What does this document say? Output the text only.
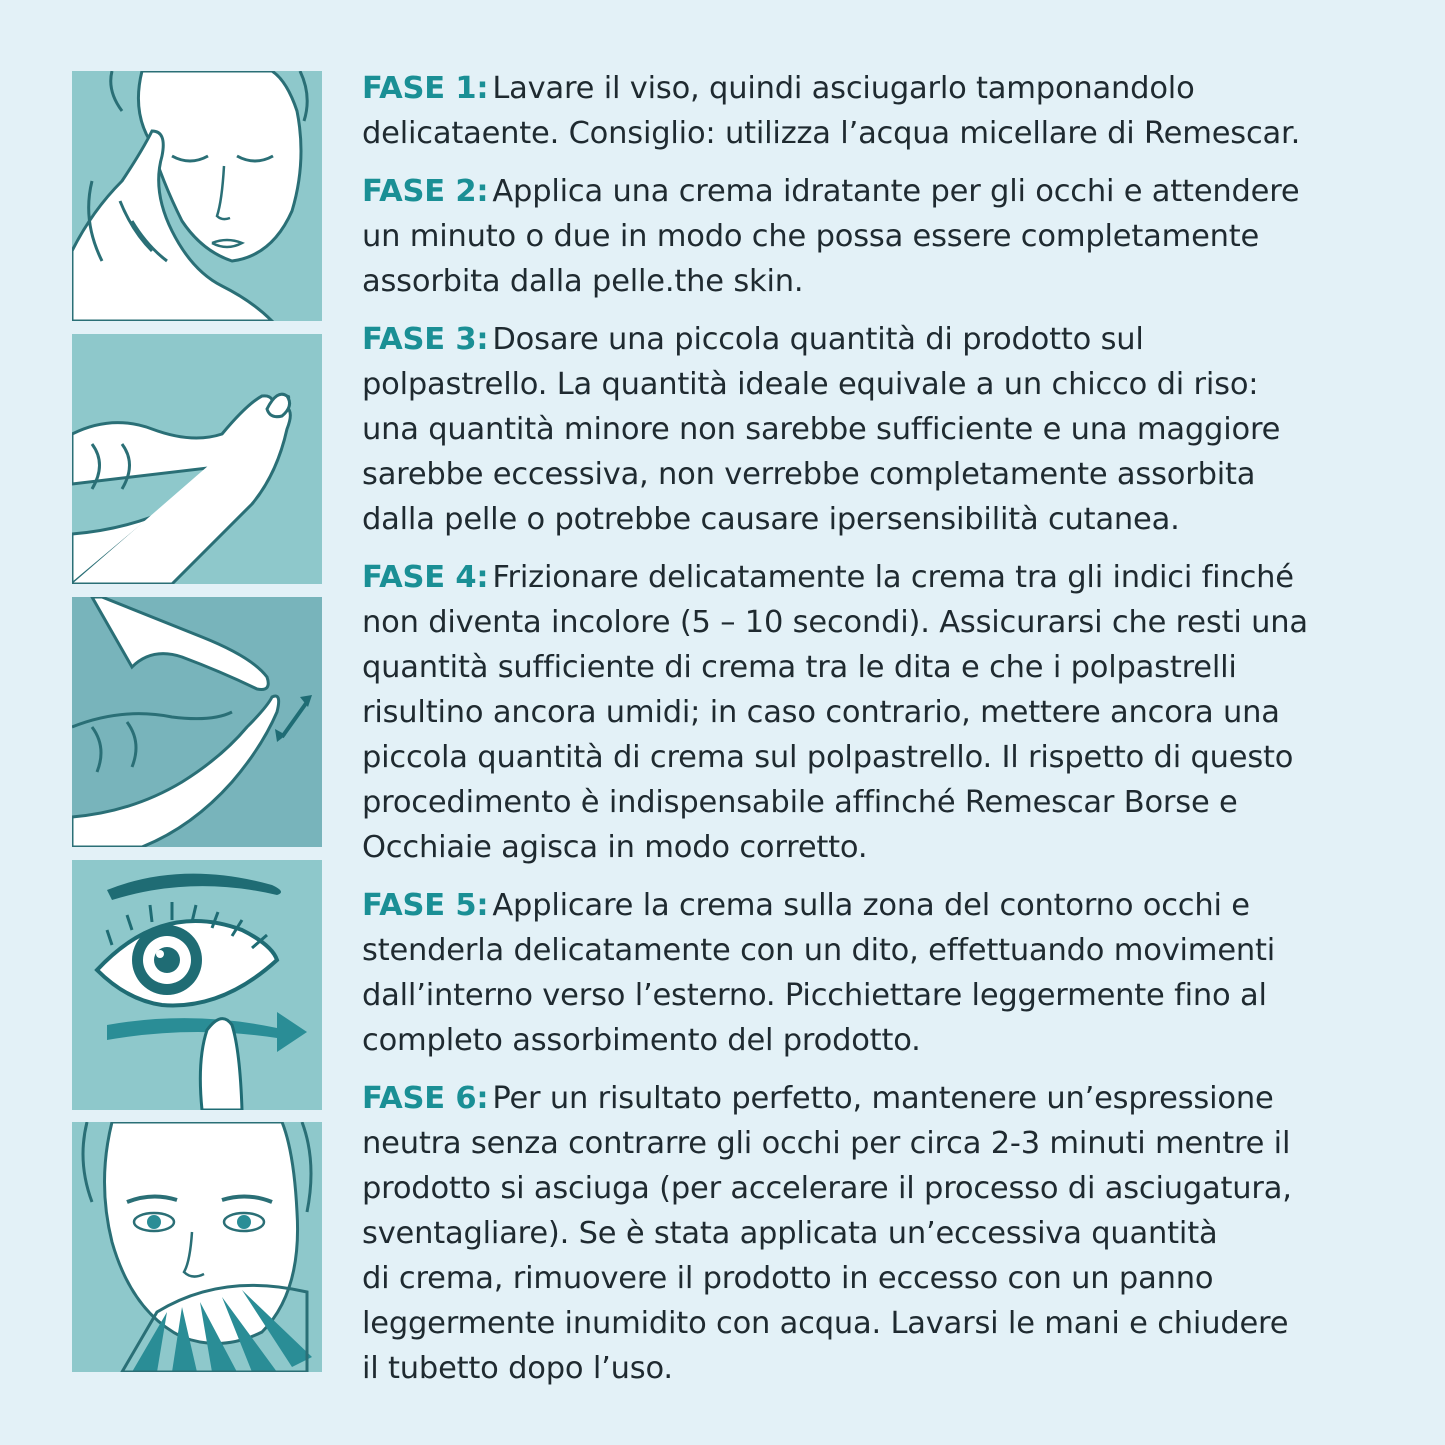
FASE 1: Lavare il viso, quindi asciugarlo tamponandolo
delicataente. Consiglio: utilizza l’acqua micellare di Remescar.
FASE 2: Applica una crema idratante per gli occhi e attendere
un minuto o due in modo che possa essere completamente
assorbita dalla pelle.the skin.
FASE 3: Dosare una piccola quantità di prodotto sul
polpastrello. La quantità ideale equivale a un chicco di riso:
una quantità minore non sarebbe sufficiente e una maggiore
sarebbe eccessiva, non verrebbe completamente assorbita
dalla pelle o potrebbe causare ipersensibilità cutanea.
FASE 4: Frizionare delicatamente la crema tra gli indici finché
non diventa incolore (5 – 10 secondi). Assicurarsi che resti una
quantità sufficiente di crema tra le dita e che i polpastrelli
risultino ancora umidi; in caso contrario, mettere ancora una
piccola quantità di crema sul polpastrello. Il rispetto di questo
procedimento è indispensabile affinché Remescar Borse e
Occhiaie agisca in modo corretto.
FASE 5: Applicare la crema sulla zona del contorno occhi e
stenderla delicatamente con un dito, effettuando movimenti
dall’interno verso l’esterno. Picchiettare leggermente fino al
completo assorbimento del prodotto.
FASE 6: Per un risultato perfetto, mantenere un’espressione
neutra senza contrarre gli occhi per circa 2-3 minuti mentre il
prodotto si asciuga (per accelerare il processo di asciugatura,
sventagliare). Se è stata applicata un’eccessiva quantità
di crema, rimuovere il prodotto in eccesso con un panno
leggermente inumidito con acqua. Lavarsi le mani e chiudere
il tubetto dopo l’uso.
